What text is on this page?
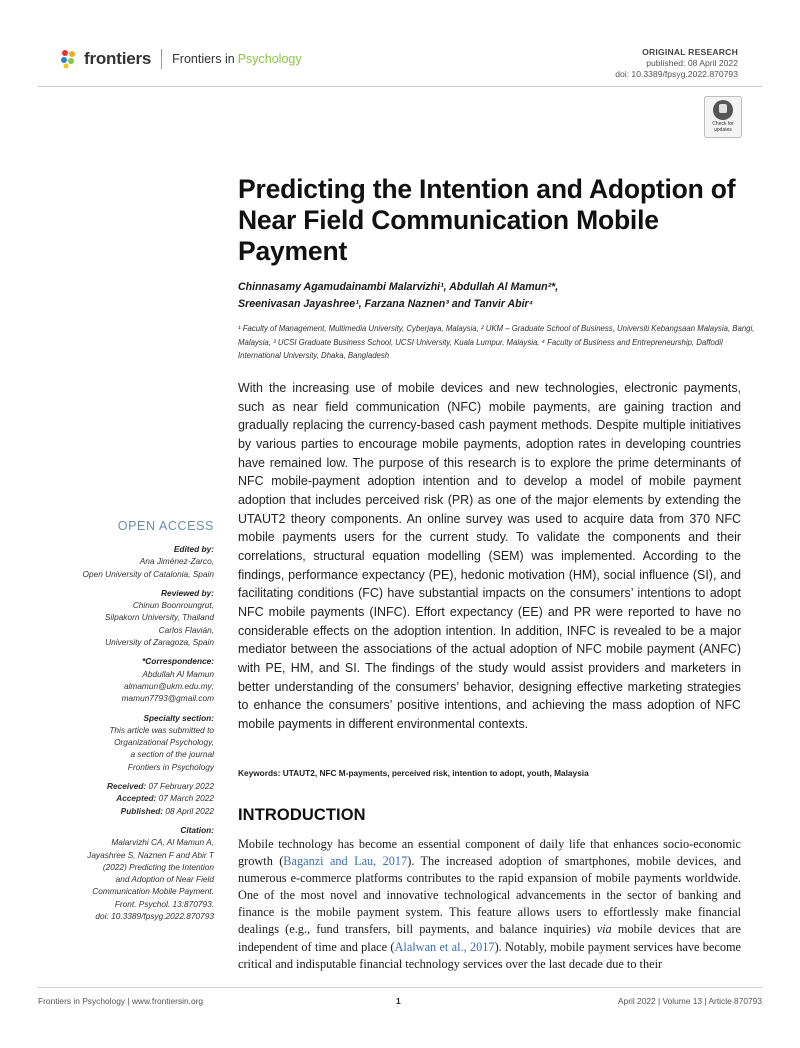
frontiers Frontiers in Psychology	ORIGINAL RESEARCH
published: 08 April 2022
doi: 10.3389/fpsyg.2022.870793
Check for updates
Predicting the Intention and Adoption of Near Field Communication Mobile Payment
Chinnasamy Agamudainambi Malarvizhi¹, Abdullah Al Mamun²*,
Sreenivasan Jayashree¹, Farzana Naznen³ and Tanvir Abir⁴
¹ Faculty of Management, Multimedia University, Cyberjaya, Malaysia, ² UKM – Graduate School of Business, Universiti Kebangsaan Malaysia, Bangi, Malaysia, ³ UCSI Graduate Business School, UCSI University, Kuala Lumpur, Malaysia, ⁴ Faculty of Business and Entrepreneurship, Daffodil International University, Dhaka, Bangladesh
With the increasing use of mobile devices and new technologies, electronic payments, such as near field communication (NFC) mobile payments, are gaining traction and gradually replacing the currency-based cash payment methods. Despite multiple initiatives by various parties to encourage mobile payments, adoption rates in developing countries have remained low. The purpose of this research is to explore the prime determinants of NFC mobile-payment adoption intention and to develop a model of mobile payment adoption that includes perceived risk (PR) as one of the major elements by extending the UTAUT2 theory components. An online survey was used to acquire data from 370 NFC mobile payments users for the current study. To validate the components and their correlations, structural equation modelling (SEM) was implemented. According to the findings, performance expectancy (PE), hedonic motivation (HM), social influence (SI), and facilitating conditions (FC) have substantial impacts on the consumers’ intentions to adopt NFC mobile payments (INFC). Effort expectancy (EE) and PR were reported to have no considerable effects on the adoption intention. In addition, INFC is revealed to be a major mediator between the associations of the actual adoption of NFC mobile payment (ANFC) with PE, HM, and SI. The findings of the study would assist providers and marketers in better understanding of the consumers’ behavior, designing effective marketing strategies to enhance the consumers’ positive intentions, and achieving the mass adoption of NFC mobile payments in different environmental contexts.
Keywords: UTAUT2, NFC M-payments, perceived risk, intention to adopt, youth, Malaysia
INTRODUCTION
Mobile technology has become an essential component of daily life that enhances socio-economic growth (Baganzi and Lau, 2017). The increased adoption of smartphones, mobile devices, and numerous e-commerce platforms contributes to the rapid expansion of mobile payments worldwide. One of the most novel and innovative technological advancements in the sector of banking and finance is the mobile payment system. This feature allows users to effortlessly make financial dealings (e.g., fund transfers, bill payments, and balance inquiries) via mobile devices that are independent of time and place (Alalwan et al., 2017). Notably, mobile payment services have become critical and indisputable financial technology services over the last decade due to their
OPEN ACCESS
Edited by:
Ana Jiménez-Zarco,
Open University of Catalonia, Spain
Reviewed by:
Chinun Boonroungrut,
Silpakorn University, Thailand
Carlos Flavián,
University of Zaragoza, Spain
*Correspondence:
Abdullah Al Mamun
almamun@ukm.edu.my;
mamun7793@gmail.com
Specialty section:
This article was submitted to
Organizational Psychology,
a section of the journal
Frontiers in Psychology
Received: 07 February 2022
Accepted: 07 March 2022
Published: 08 April 2022
Citation:
Malarvizhi CA, Al Mamun A,
Jayashree S, Naznen F and Abir T
(2022) Predicting the Intention
and Adoption of Near Field
Communication Mobile Payment.
Front. Psychol. 13:870793.
doi: 10.3389/fpsyg.2022.870793
Frontiers in Psychology | www.frontiersin.org	1	April 2022 | Volume 13 | Article 870793
